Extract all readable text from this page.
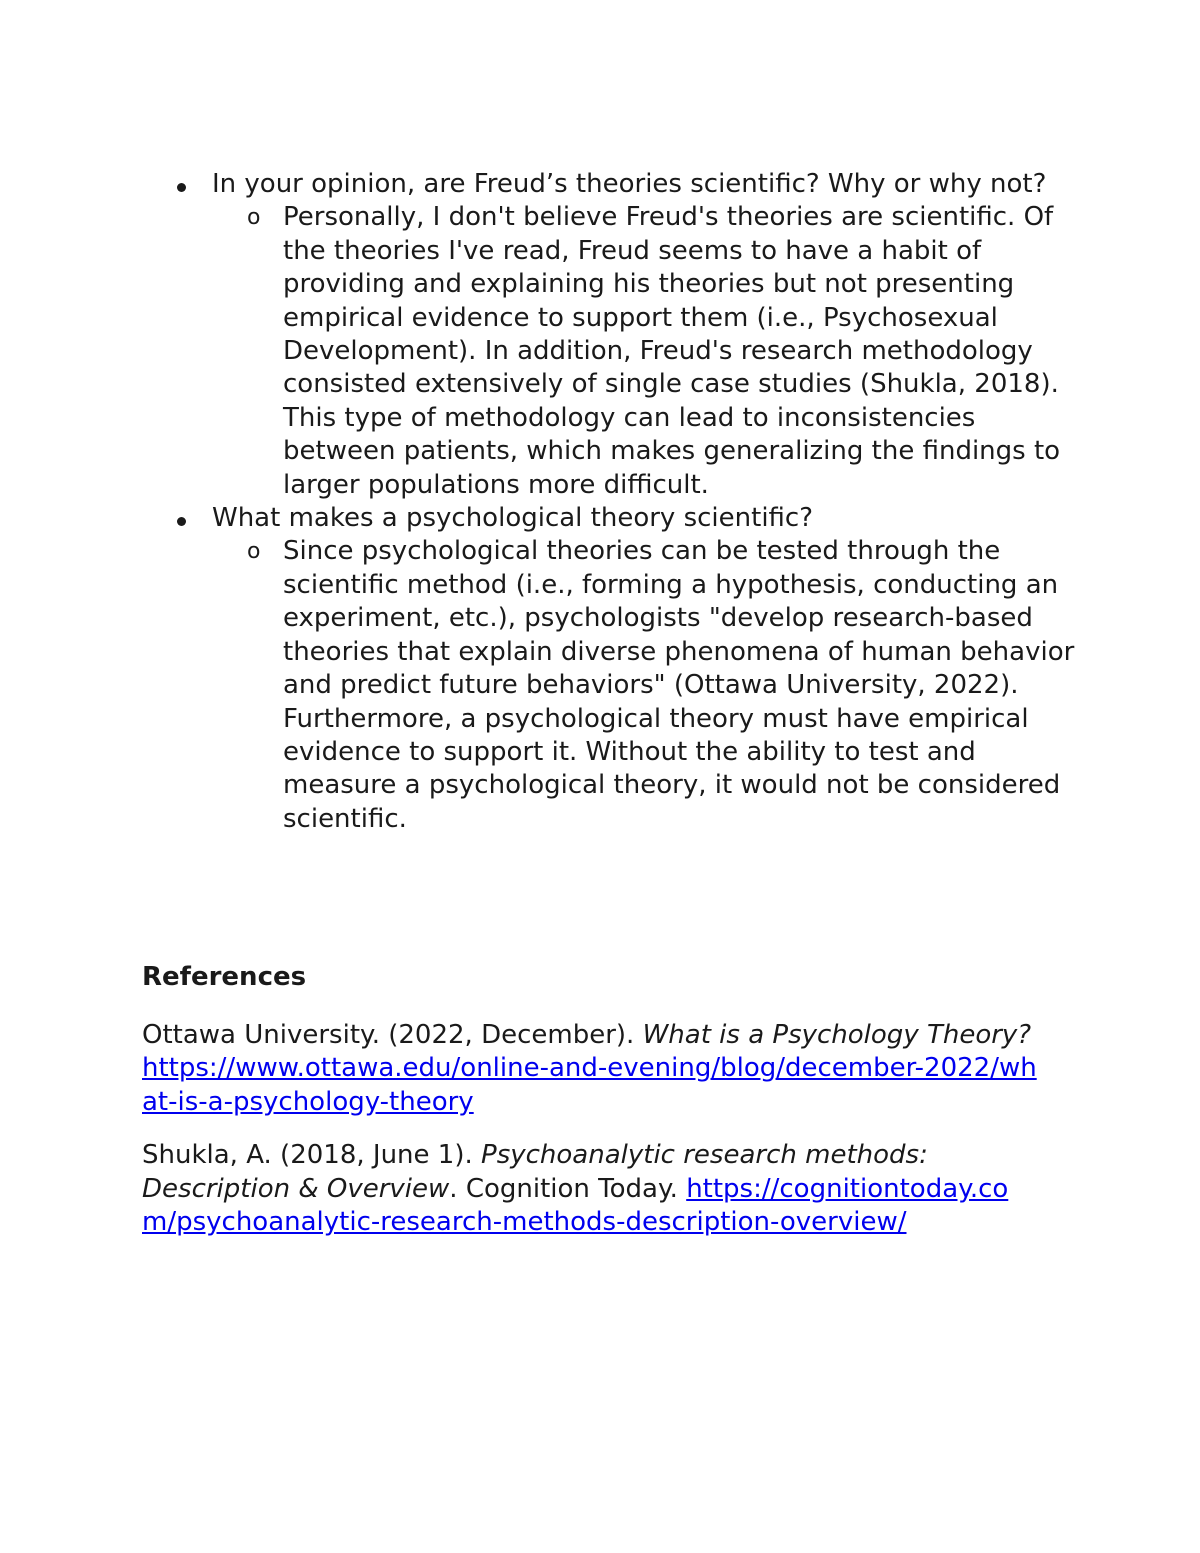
In your opinion, are Freud’s theories scientific? Why or why not?
o Personally, I don't believe Freud's theories are scientific. Of the theories I've read, Freud seems to have a habit of providing and explaining his theories but not presenting empirical evidence to support them (i.e., Psychosexual Development). In addition, Freud's research methodology consisted extensively of single case studies (Shukla, 2018). This type of methodology can lead to inconsistencies between patients, which makes generalizing the findings to larger populations more difficult.
What makes a psychological theory scientific?
o Since psychological theories can be tested through the scientific method (i.e., forming a hypothesis, conducting an experiment, etc.), psychologists "develop research-based theories that explain diverse phenomena of human behavior and predict future behaviors" (Ottawa University, 2022). Furthermore, a psychological theory must have empirical evidence to support it. Without the ability to test and measure a psychological theory, it would not be considered scientific.
References
Ottawa University. (2022, December). What is a Psychology Theory? https://www.ottawa.edu/online-and-evening/blog/december-2022/what-is-a-psychology-theory
Shukla, A. (2018, June 1). Psychoanalytic research methods: Description & Overview. Cognition Today. https://cognitiontoday.com/psychoanalytic-research-methods-description-overview/
